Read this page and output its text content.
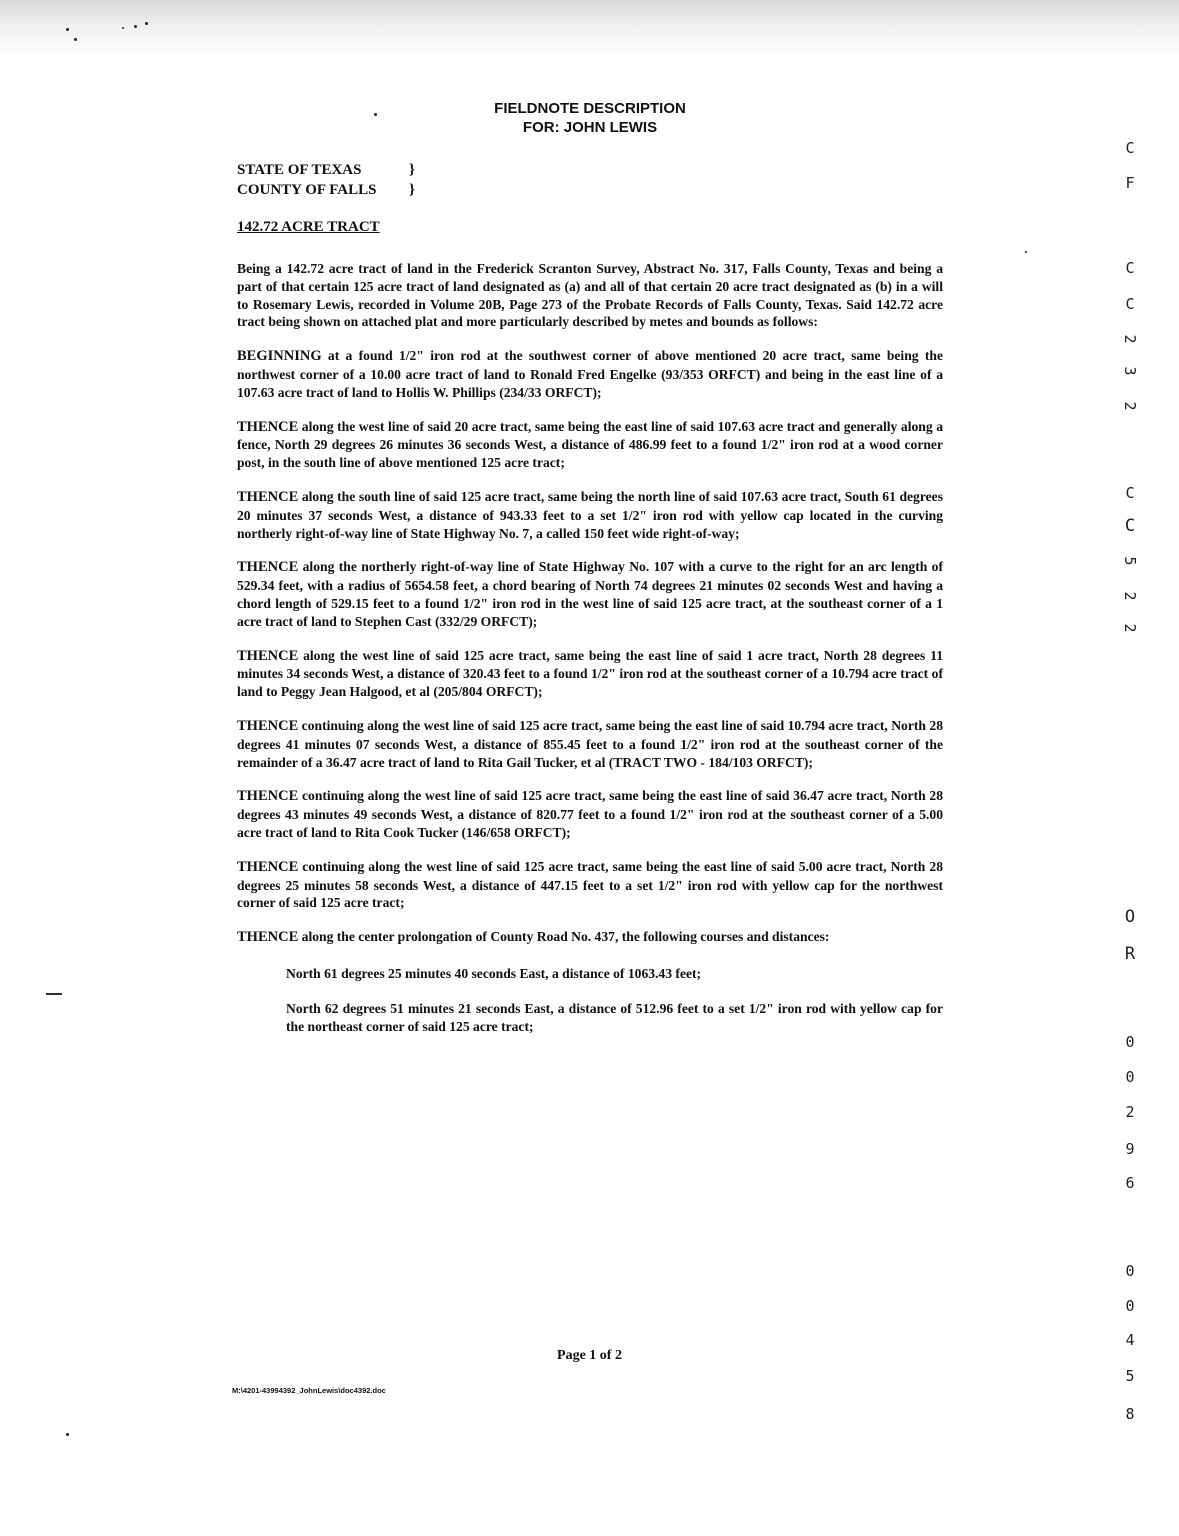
FIELDNOTE DESCRIPTION
FOR: JOHN LEWIS
STATE OF TEXAS	}
COUNTY OF FALLS	}
142.72 ACRE TRACT

Being a 142.72 acre tract of land in the Frederick Scranton Survey, Abstract No. 317, Falls County, Texas and being a part of that certain 125 acre tract of land designated as (a) and all of that certain 20 acre tract designated as (b) in a will to Rosemary Lewis, recorded in Volume 20B, Page 273 of the Probate Records of Falls County, Texas. Said 142.72 acre tract being shown on attached plat and more particularly described by metes and bounds as follows:

BEGINNING at a found 1/2" iron rod at the southwest corner of above mentioned 20 acre tract, same being the northwest corner of a 10.00 acre tract of land to Ronald Fred Engelke (93/353 ORFCT) and being in the east line of a 107.63 acre tract of land to Hollis W. Phillips (234/33 ORFCT);

THENCE along the west line of said 20 acre tract, same being the east line of said 107.63 acre tract and generally along a fence, North 29 degrees 26 minutes 36 seconds West, a distance of 486.99 feet to a found 1/2" iron rod at a wood corner post, in the south line of above mentioned 125 acre tract;

THENCE along the south line of said 125 acre tract, same being the north line of said 107.63 acre tract, South 61 degrees 20 minutes 37 seconds West, a distance of 943.33 feet to a set 1/2" iron rod with yellow cap located in the curving northerly right-of-way line of State Highway No. 7, a called 150 feet wide right-of-way;

THENCE along the northerly right-of-way line of State Highway No. 107 with a curve to the right for an arc length of 529.34 feet, with a radius of 5654.58 feet, a chord bearing of North 74 degrees 21 minutes 02 seconds West and having a chord length of 529.15 feet to a found 1/2" iron rod in the west line of said 125 acre tract, at the southeast corner of a 1 acre tract of land to Stephen Cast (332/29 ORFCT);

THENCE along the west line of said 125 acre tract, same being the east line of said 1 acre tract, North 28 degrees 11 minutes 34 seconds West, a distance of 320.43 feet to a found 1/2" iron rod at the southeast corner of a 10.794 acre tract of land to Peggy Jean Halgood, et al (205/804 ORFCT);

THENCE continuing along the west line of said 125 acre tract, same being the east line of said 10.794 acre tract, North 28 degrees 41 minutes 07 seconds West, a distance of 855.45 feet to a found 1/2" iron rod at the southeast corner of the remainder of a 36.47 acre tract of land to Rita Gail Tucker, et al (TRACT TWO - 184/103 ORFCT);

THENCE continuing along the west line of said 125 acre tract, same being the east line of said 36.47 acre tract, North 28 degrees 43 minutes 49 seconds West, a distance of 820.77 feet to a found 1/2" iron rod at the southeast corner of a 5.00 acre tract of land to Rita Cook Tucker (146/658 ORFCT);

THENCE continuing along the west line of said 125 acre tract, same being the east line of said 5.00 acre tract, North 28 degrees 25 minutes 58 seconds West, a distance of 447.15 feet to a set 1/2" iron rod with yellow cap for the northwest corner of said 125 acre tract;

THENCE along the center prolongation of County Road No. 437, the following courses and distances:

North 61 degrees 25 minutes 40 seconds East, a distance of 1063.43 feet;

North 62 degrees 51 minutes 21 seconds East, a distance of 512.96 feet to a set 1/2" iron rod with yellow cap for the northeast corner of said 125 acre tract;

Page 1 of 2
M:\4201-43994392_JohnLewis\doc4392.doc
C
F
C
C
2
3
2
C
C
5
2
2
O
R
0
0
2
9
6
0
0
4
5
8
